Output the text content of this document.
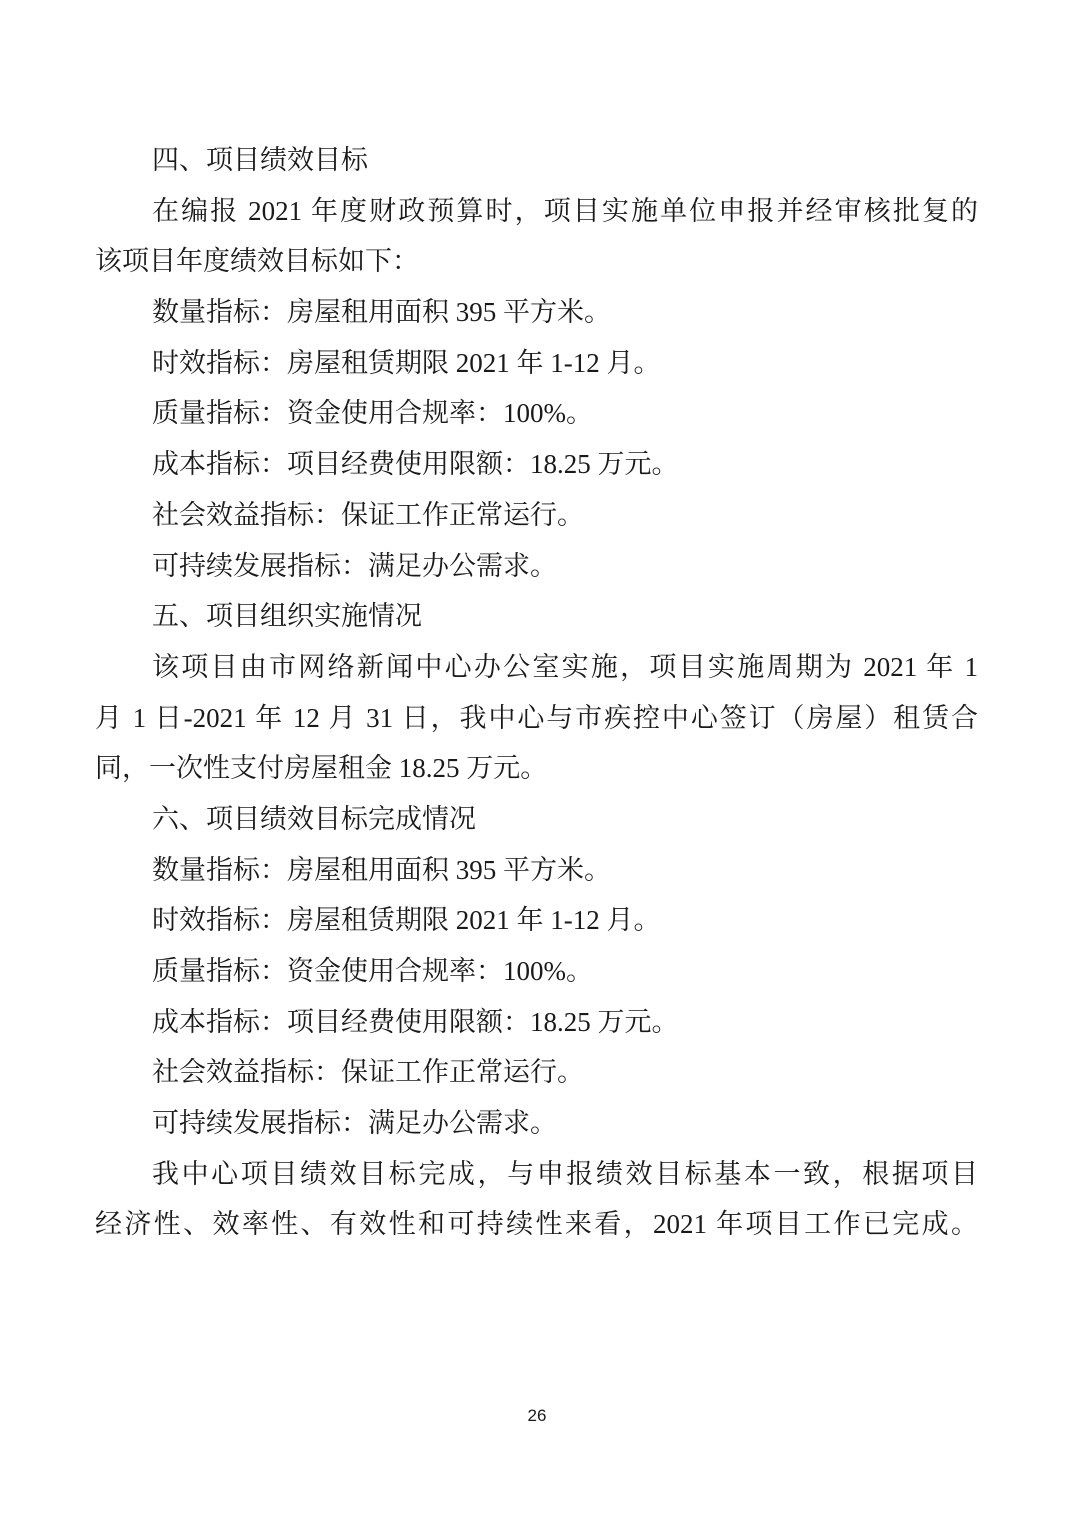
四、项目绩效目标
在编报 2021 年度财政预算时，项目实施单位申报并经审核批复的
该项目年度绩效目标如下：
数量指标：房屋租用面积 395 平方米。
时效指标：房屋租赁期限 2021 年 1-12 月。
质量指标：资金使用合规率：100%。
成本指标：项目经费使用限额：18.25 万元。
社会效益指标：保证工作正常运行。
可持续发展指标：满足办公需求。
五、项目组织实施情况
该项目由市网络新闻中心办公室实施，项目实施周期为 2021 年 1
月 1 日-2021 年 12 月 31 日，我中心与市疾控中心签订（房屋）租赁合
同，一次性支付房屋租金 18.25 万元。
六、项目绩效目标完成情况
数量指标：房屋租用面积 395 平方米。
时效指标：房屋租赁期限 2021 年 1-12 月。
质量指标：资金使用合规率：100%。
成本指标：项目经费使用限额：18.25 万元。
社会效益指标：保证工作正常运行。
可持续发展指标：满足办公需求。
我中心项目绩效目标完成，与申报绩效目标基本一致，根据项目
经济性、效率性、有效性和可持续性来看，2021 年项目工作已完成。
26
